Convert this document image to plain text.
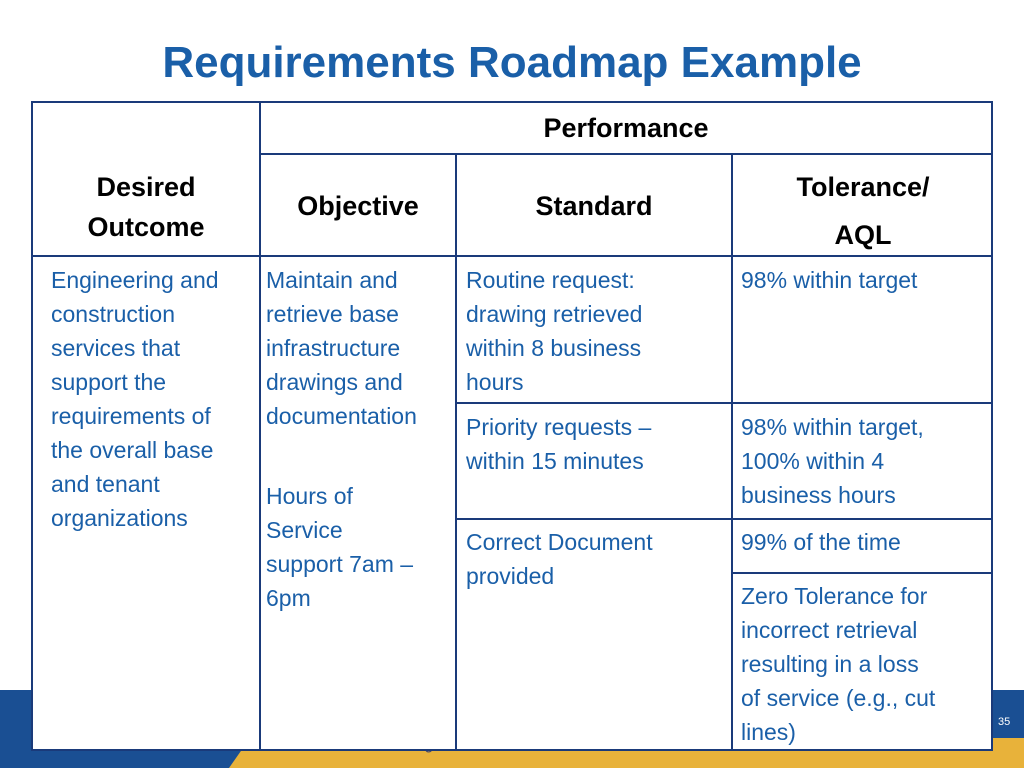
35
Requirements Roadmap Example
Performance
Desired
Outcome
Objective	Standard
Tolerance/
AQL
Engineering and
construction
services that
support the
requirements of
the overall base
and tenant
organizations
Maintain and
retrieve base
infrastructure
drawings and
documentation
Hours of
Service
support 7am –
6pm
Routine request:
drawing retrieved
within 8 business
hours
98% within target
Priority requests –
within 15 minutes
98% within target,
100% within 4
business hours
Correct Document
provided
99% of the time
Zero Tolerance for
incorrect retrieval
resulting in a loss
of service (e.g., cut
lines)
